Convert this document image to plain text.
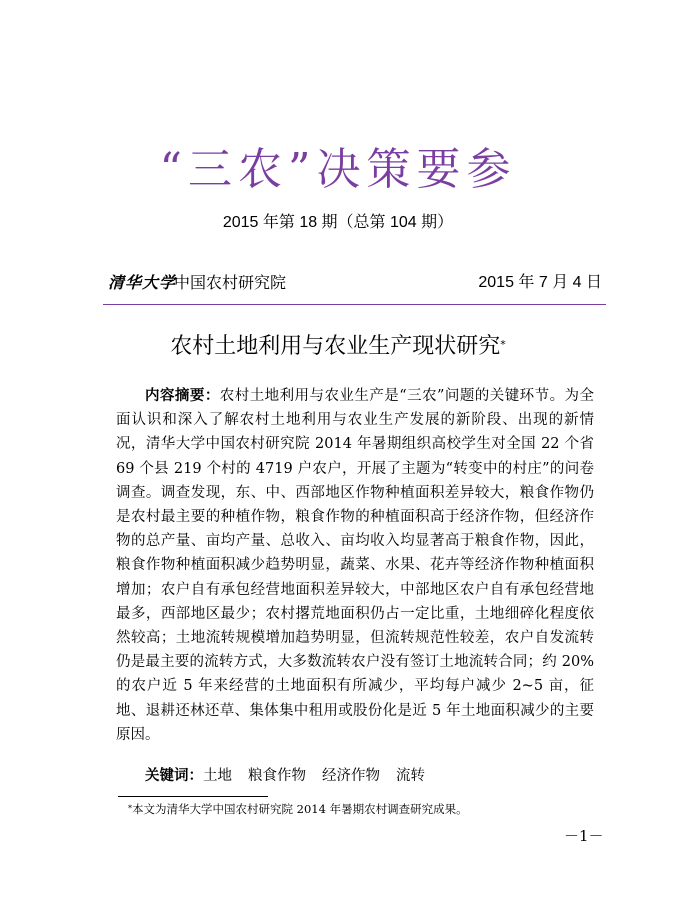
“三农”决策要参
2015 年第 18 期（总第 104 期）
清华大学
中国农村研究院	2015 年 7 月 4 日
农村土地利用与农业生产现状研究*
内容摘要：农村土地利用与农业生产是“三农”问题的关键环节。为全面认识和深入了解农村土地利用与农业生产发展的新阶段、出现的新情况，清华大学中国农村研究院 2014 年暑期组织高校学生对全国 22 个省 69 个县 219 个村的 4719 户农户，开展了主题为“转变中的村庄”的问卷调查。调查发现，东、中、西部地区作物种植面积差异较大，粮食作物仍是农村最主要的种植作物，粮食作物的种植面积高于经济作物，但经济作物的总产量、亩均产量、总收入、亩均收入均显著高于粮食作物，因此，粮食作物种植面积减少趋势明显，蔬菜、水果、花卉等经济作物种植面积增加；农户自有承包经营地面积差异较大，中部地区农户自有承包经营地最多，西部地区最少；农村撂荒地面积仍占一定比重，土地细碎化程度依然较高；土地流转规模增加趋势明显，但流转规范性较差，农户自发流转仍是最主要的流转方式，大多数流转农户没有签订土地流转合同；约 20%的农户近 5 年来经营的土地面积有所减少，平均每户减少 2~5 亩，征地、退耕还林还草、集体集中租用或股份化是近 5 年土地面积减少的主要原因。
关键词：土地 粮食作物 经济作物 流转
*本文为清华大学中国农村研究院 2014 年暑期农村调查研究成果。
－1－
